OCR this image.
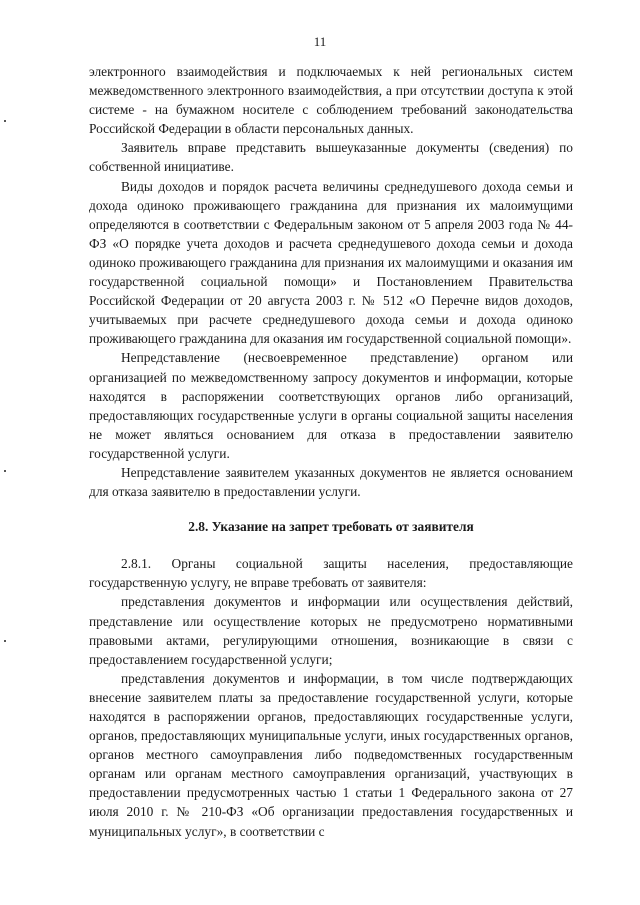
11

электронного взаимодействия и подключаемых к ней региональных систем межведомственного электронного взаимодействия, а при отсутствии доступа к этой системе - на бумажном носителе с соблюдением требований законодательства Российской Федерации в области персональных данных.

Заявитель вправе представить вышеуказанные документы (сведения) по собственной инициативе.

Виды доходов и порядок расчета величины среднедушевого дохода семьи и дохода одиноко проживающего гражданина для признания их малоимущими определяются в соответствии с Федеральным законом от 5 апреля 2003 года № 44-ФЗ «О порядке учета доходов и расчета среднедушевого дохода семьи и дохода одиноко проживающего гражданина для признания их малоимущими и оказания им государственной социальной помощи» и Постановлением Правительства Российской Федерации от 20 августа 2003 г. № 512 «О Перечне видов доходов, учитываемых при расчете среднедушевого дохода семьи и дохода одиноко проживающего гражданина для оказания им государственной социальной помощи».

Непредставление (несвоевременное представление) органом или организацией по межведомственному запросу документов и информации, которые находятся в распоряжении соответствующих органов либо организаций, предоставляющих государственные услуги в органы социальной защиты населения не может являться основанием для отказа в предоставлении заявителю государственной услуги.

Непредставление заявителем указанных документов не является основанием для отказа заявителю в предоставлении услуги.

2.8. Указание на запрет требовать от заявителя

2.8.1. Органы социальной защиты населения, предоставляющие государственную услугу, не вправе требовать от заявителя:

представления документов и информации или осуществления действий, представление или осуществление которых не предусмотрено нормативными правовыми актами, регулирующими отношения, возникающие в связи с предоставлением государственной услуги;

представления документов и информации, в том числе подтверждающих внесение заявителем платы за предоставление государственной услуги, которые находятся в распоряжении органов, предоставляющих государственные услуги, органов, предоставляющих муниципальные услуги, иных государственных органов, органов местного самоуправления либо подведомственных государственным органам или органам местного самоуправления организаций, участвующих в предоставлении предусмотренных частью 1 статьи 1 Федерального закона от 27 июля 2010 г. № 210-ФЗ «Об организации предоставления государственных и муниципальных услуг», в соответствии с
